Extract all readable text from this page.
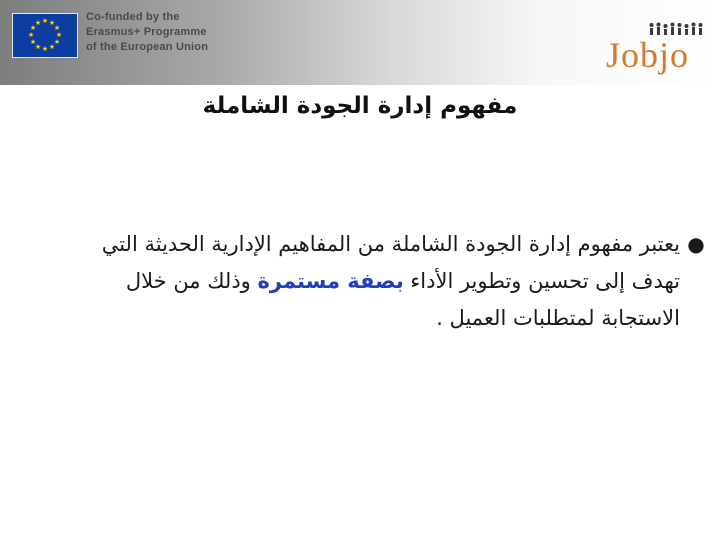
★ ★
★
★
★
★
★
★
★
★
★
★	Co-funded by the
Erasmus+ Programme
of the European Union	Jobjo
مفهوم إدارة الجودة الشاملة
●
يعتبر مفهوم إدارة الجودة الشاملة من المفاهيم الإدارية الحديثة التي تهدف إلى تحسين وتطوير الأداء بصفة مستمرة وذلك من خلال الاستجابة لمتطلبات العميل .
